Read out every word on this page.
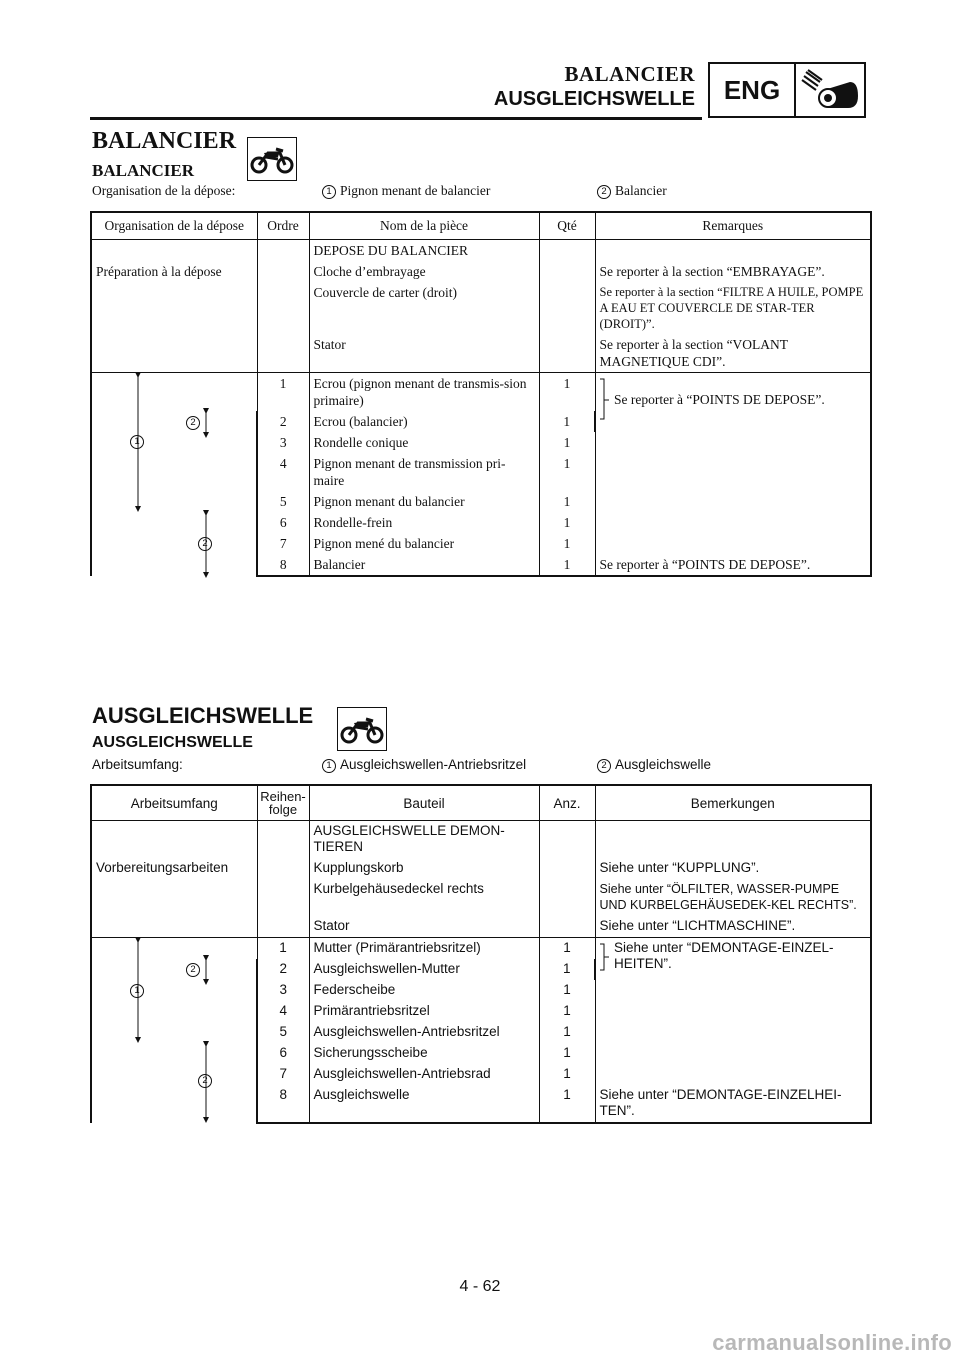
BALANCIER
AUSGLEICHSWELLE	ENG
BALANCIER
BALANCIER
Organisation de la dépose:	1 Pignon menant de balancier	2 Balancier
Organisation de la dépose	Ordre	Nom de la pièce	Qté	Remarques
		DEPOSE DU BALANCIER		
Préparation à la dépose		Cloche d’embrayage		Se reporter à la section “EMBRAYAGE”.
		Couvercle de carter (droit)		Se reporter à la section “FILTRE A HUILE, POMPE A EAU ET COUVERCLE DE STAR-TER (DROIT)”.
		Stator		Se reporter à la section “VOLANT MAGNETIQUE CDI”.

2
1
2	1	Ecrou (pignon menant de transmis-sion primaire)	1	Se reporter à “POINTS DE DEPOSE”.

	2	Ecrou (balancier)	1	
	3	Rondelle conique	1	
	4	Pignon menant de transmission pri-maire	1	
	5	Pignon menant du balancier	1	
	6	Rondelle-frein	1	
	7	Pignon mené du balancier	1	
	8	Balancier	1	Se reporter à “POINTS DE DEPOSE”.
AUSGLEICHSWELLE
AUSGLEICHSWELLE
Arbeitsumfang:	1 Ausgleichswellen-Antriebsritzel	2 Ausgleichswelle
Arbeitsumfang	Reihen-folge	Bauteil	Anz.	Bemerkungen
		AUSGLEICHSWELLE DEMON-TIEREN		
Vorbereitungsarbeiten		Kupplungskorb		Siehe unter “KUPPLUNG”.
		Kurbelgehäusedeckel rechts		Siehe unter “ÖLFILTER, WASSER-PUMPE UND KURBELGEHÄUSEDEK-KEL RECHTS”.
		Stator		Siehe unter “LICHTMASCHINE”.

2
1
2	1	Mutter (Primärantriebsritzel)	1	Siehe unter “DEMONTAGE-EINZEL-HEITEN”.

	2	Ausgleichswellen-Mutter	1	
	3	Federscheibe	1	
	4	Primärantriebsritzel	1	
	5	Ausgleichswellen-Antriebsritzel	1	
	6	Sicherungsscheibe	1	
	7	Ausgleichswellen-Antriebsrad	1	
	8	Ausgleichswelle	1	Siehe unter “DEMONTAGE-EINZELHEI-TEN”.
4 - 62
carmanualsonline.info
